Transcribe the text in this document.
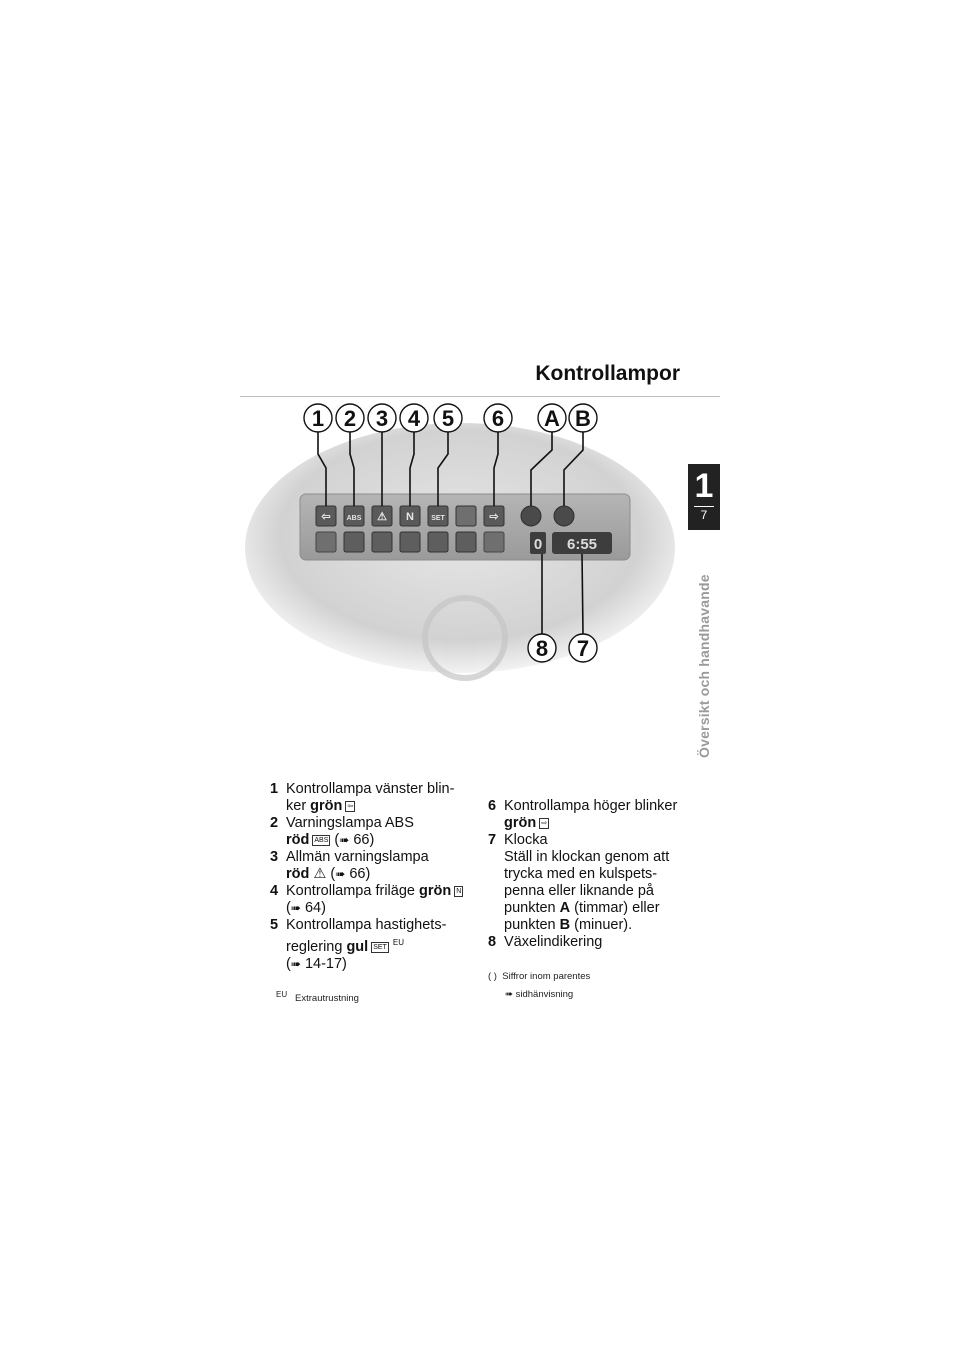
Kontrollampor
1
7
Översikt och handhavande
⇦ ABS ⚠ N SET	⇨
0 6:55
1 2 3 4 5 6 A B
8 7
1 Kontrollampa vänster blin-
ker grön ⇦
2 Varningslampa ABS
röd ABS (➠ 66)
3 Allmän varningslampa
röd ⚠ (➠ 66)
4 Kontrollampa friläge grön N
(➠ 64)
5 Kontrollampa hastighets-
reglering gul SET $^{EU}$
(➠ 14-17)
6 Kontrollampa höger blinker
grön ⇨
7 Klocka
Ställ in klockan genom att
trycka med en kulspets-
penna eller liknande på
punkten A (timmar) eller
punkten B (minuer).
8 Växelindikering
$^{EU}$ Extrautrustning
( ) Siffror inom parentes
➠ sidhänvisning
